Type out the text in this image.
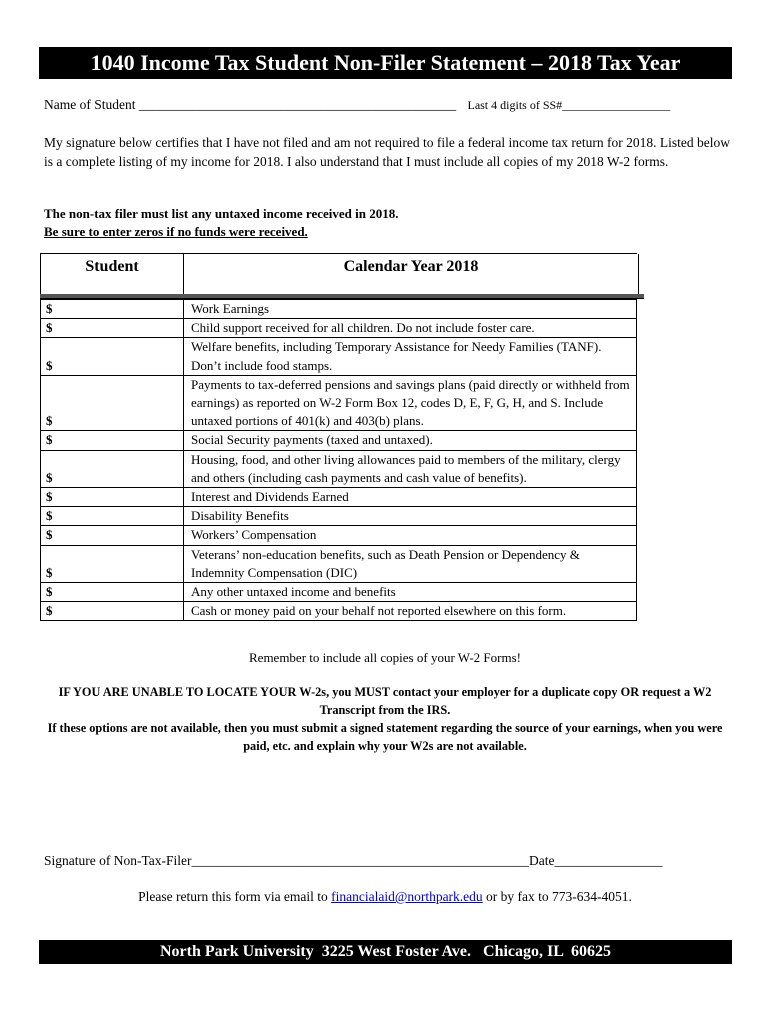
1040 Income Tax Student Non-Filer Statement – 2018 Tax Year
Name of Student _______________________________________________ Last 4 digits of SS#__________________
My signature below certifies that I have not filed and am not required to file a federal income tax return for 2018. Listed below is a complete listing of my income for 2018. I also understand that I must include all copies of my 2018 W-2 forms.
The non-tax filer must list any untaxed income received in 2018.
Be sure to enter zeros if no funds were received.
Student	Calendar Year 2018
$	Work Earnings
$	Child support received for all children. Do not include foster care.
$	Welfare benefits, including Temporary Assistance for Needy Families (TANF). Don’t include food stamps.
$	Payments to tax-deferred pensions and savings plans (paid directly or withheld from earnings) as reported on W-2 Form Box 12, codes D, E, F, G, H, and S. Include untaxed portions of 401(k) and 403(b) plans.
$	Social Security payments (taxed and untaxed).
$	Housing, food, and other living allowances paid to members of the military, clergy and others (including cash payments and cash value of benefits).
$	Interest and Dividends Earned
$	Disability Benefits
$	Workers’ Compensation
$	Veterans’ non-education benefits, such as Death Pension or Dependency & Indemnity Compensation (DIC)
$	Any other untaxed income and benefits
$	Cash or money paid on your behalf not reported elsewhere on this form.
Remember to include all copies of your W-2 Forms!
IF YOU ARE UNABLE TO LOCATE YOUR W-2s, you MUST contact your employer for a duplicate copy OR request a W2 Transcript from the IRS.
If these options are not available, then you must submit a signed statement regarding the source of your earnings, when you were paid, etc. and explain why your W2s are not available.
Signature of Non-Tax-Filer__________________________________________________Date________________
Please return this form via email to financialaid@northpark.edu or by fax to 773-634-4051.
North Park University  3225 West Foster Ave.   Chicago, IL  60625
